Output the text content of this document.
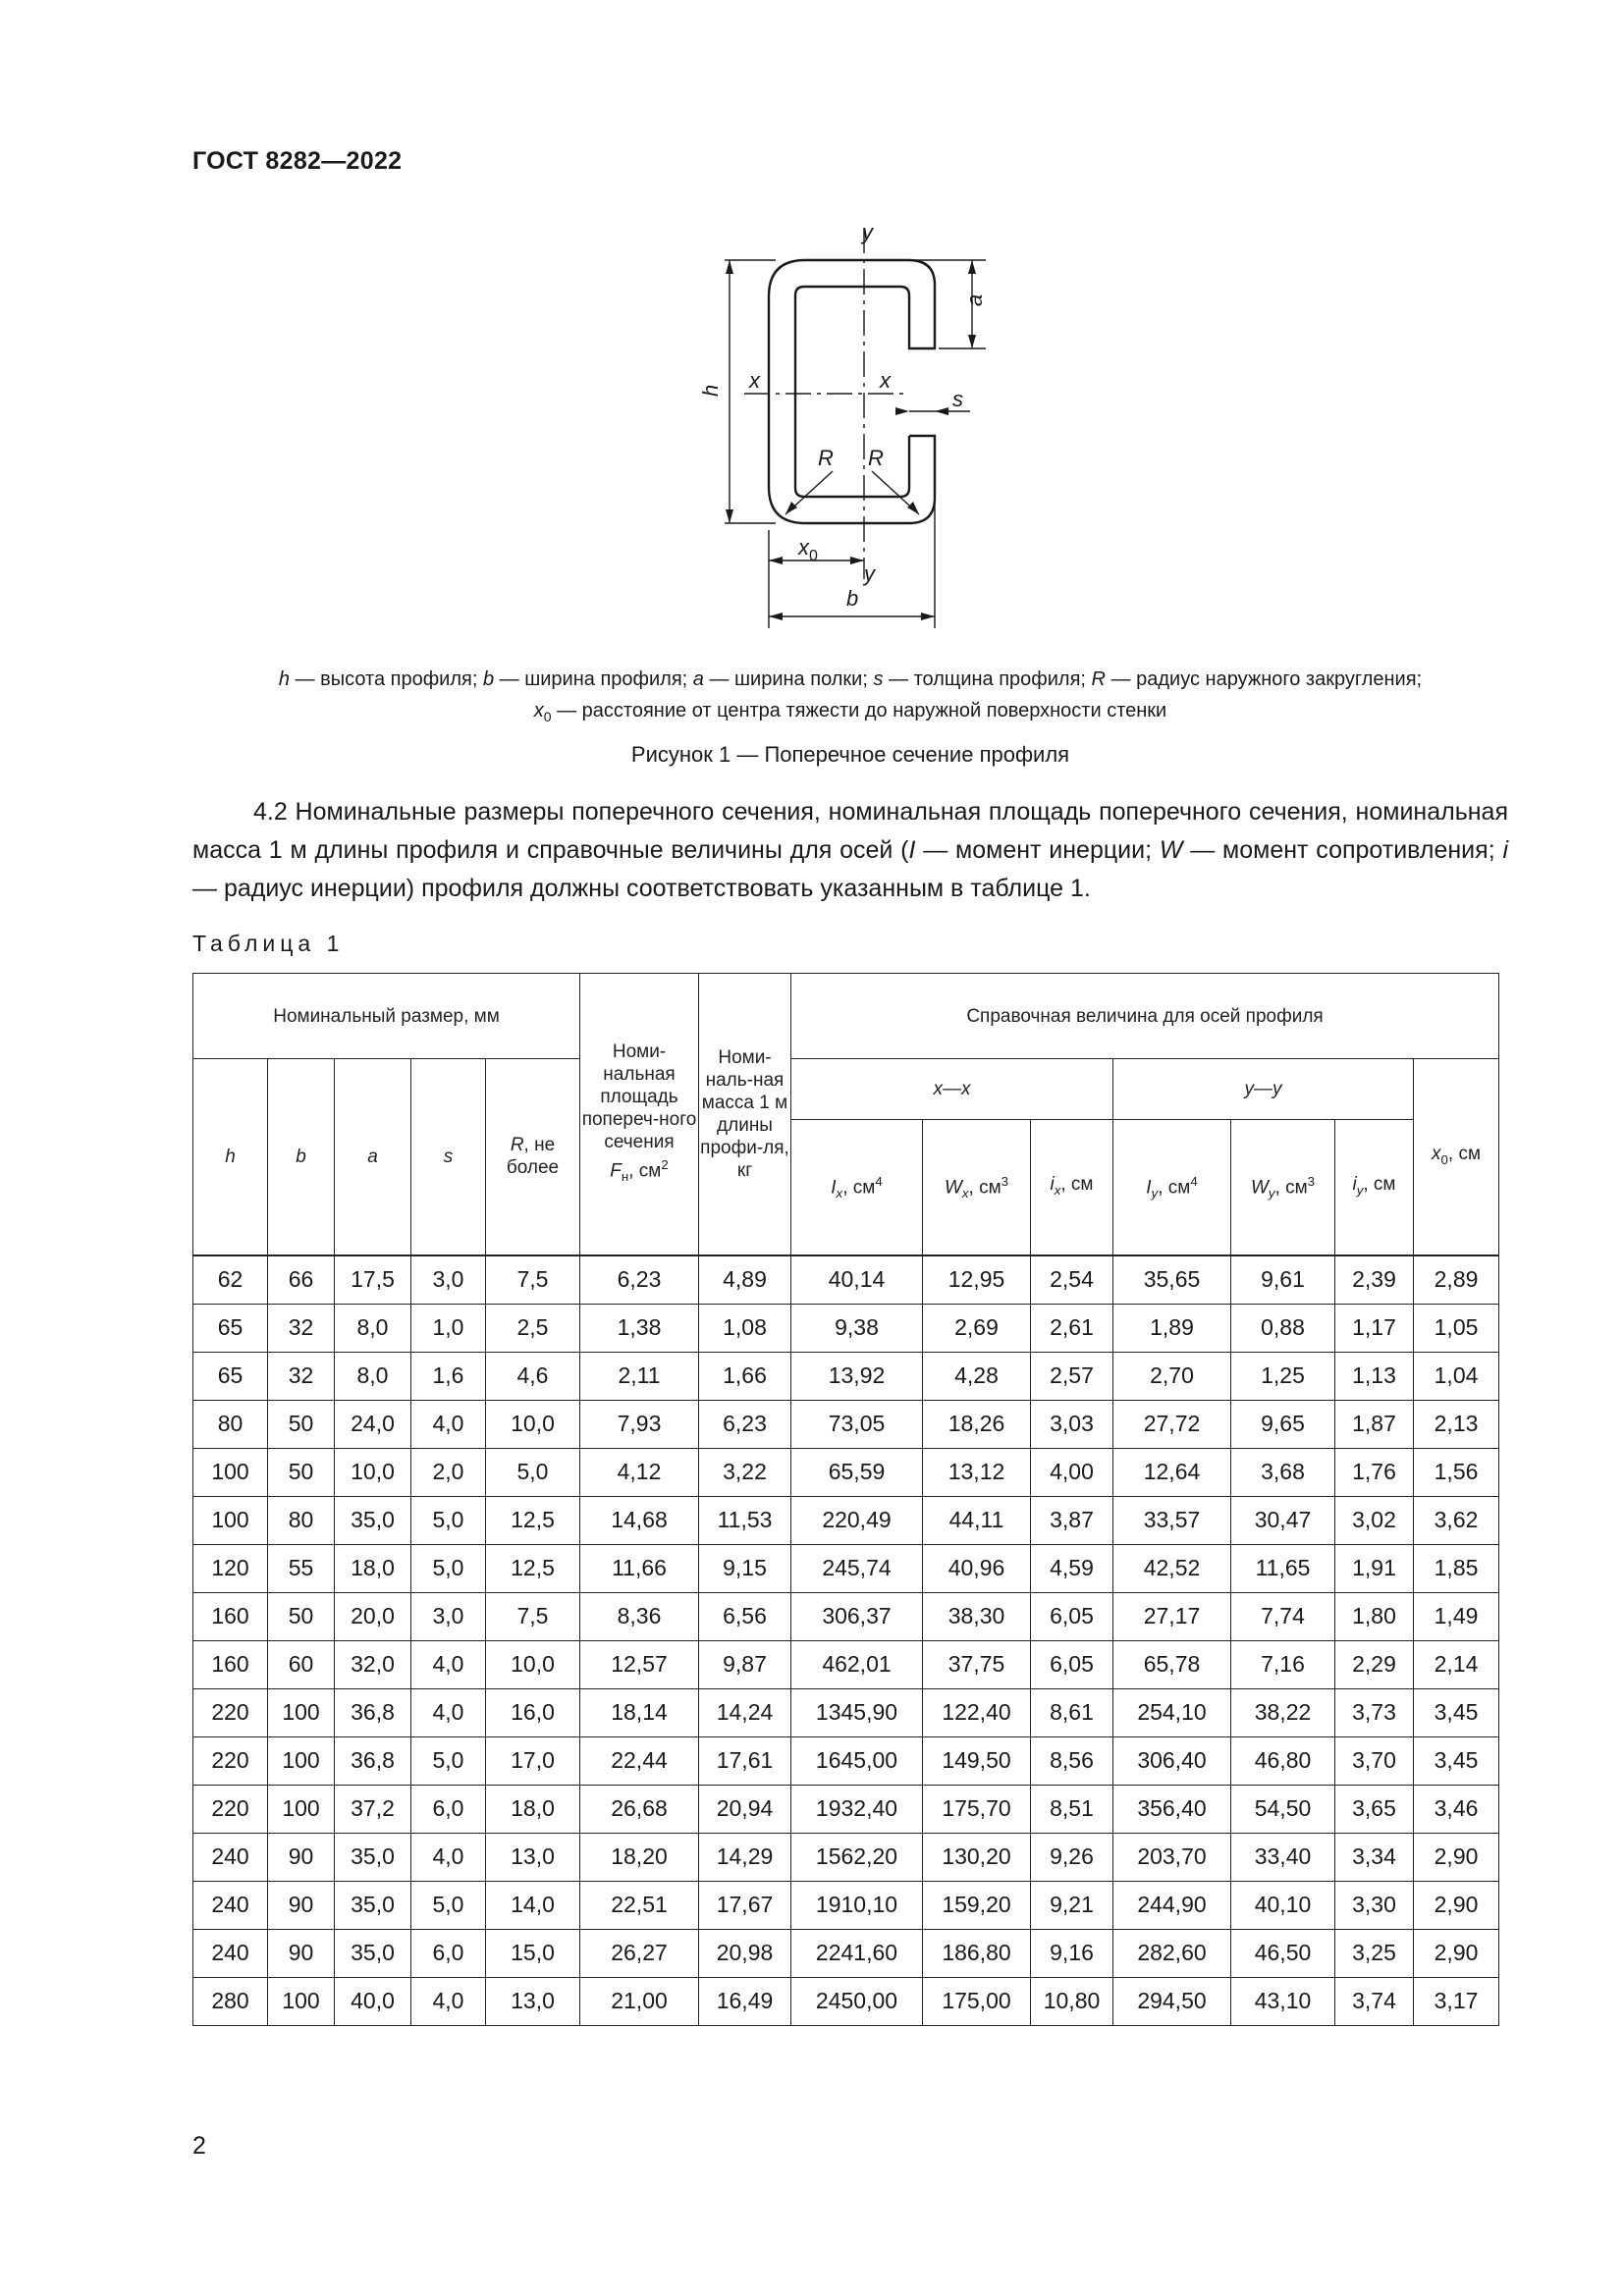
ГОСТ 8282—2022
y
x	x
h
a
s
R R
$x_0$
y
b
h — высота профиля; b — ширина профиля; a — ширина полки; s — толщина профиля; R — радиус наружного закругления;
$x_0$ — расстояние от центра тяжести до наружной поверхности стенки
Рисунок 1 — Поперечное сечение профиля
4.2 Номинальные размеры поперечного сечения, номинальная площадь поперечного сечения, номинальная масса 1 м длины профиля и справочные величины для осей (I — момент инерции; W — момент сопротивления; i — радиус инерции) профиля должны соответствовать указанным в таблице 1.
Таблица 1
Номинальный размер, мм					Номи-нальная площадь попереч-ного сечения
$F_н$, $см^2$	Номи-наль-ная масса 1 м длины профи-ля, кг	Справочная величина для осей профиля						
h	b	a	s	R, не более			x—x			y—y			$x_0$, см
							$I_x$, $см^4$	$W_x$, $см^3$	$i_x$, см	$I_y$, $см^4$	$W_y$, $см^3$	$i_y$, см	
62	66	17,5	3,0	7,5	6,23	4,89	40,14	12,95	2,54	35,65	9,61	2,39	2,89
65	32	8,0	1,0	2,5	1,38	1,08	9,38	2,69	2,61	1,89	0,88	1,17	1,05
65	32	8,0	1,6	4,6	2,11	1,66	13,92	4,28	2,57	2,70	1,25	1,13	1,04
80	50	24,0	4,0	10,0	7,93	6,23	73,05	18,26	3,03	27,72	9,65	1,87	2,13
100	50	10,0	2,0	5,0	4,12	3,22	65,59	13,12	4,00	12,64	3,68	1,76	1,56
100	80	35,0	5,0	12,5	14,68	11,53	220,49	44,11	3,87	33,57	30,47	3,02	3,62
120	55	18,0	5,0	12,5	11,66	9,15	245,74	40,96	4,59	42,52	11,65	1,91	1,85
160	50	20,0	3,0	7,5	8,36	6,56	306,37	38,30	6,05	27,17	7,74	1,80	1,49
160	60	32,0	4,0	10,0	12,57	9,87	462,01	37,75	6,05	65,78	7,16	2,29	2,14
220	100	36,8	4,0	16,0	18,14	14,24	1345,90	122,40	8,61	254,10	38,22	3,73	3,45
220	100	36,8	5,0	17,0	22,44	17,61	1645,00	149,50	8,56	306,40	46,80	3,70	3,45
220	100	37,2	6,0	18,0	26,68	20,94	1932,40	175,70	8,51	356,40	54,50	3,65	3,46
240	90	35,0	4,0	13,0	18,20	14,29	1562,20	130,20	9,26	203,70	33,40	3,34	2,90
240	90	35,0	5,0	14,0	22,51	17,67	1910,10	159,20	9,21	244,90	40,10	3,30	2,90
240	90	35,0	6,0	15,0	26,27	20,98	2241,60	186,80	9,16	282,60	46,50	3,25	2,90
280	100	40,0	4,0	13,0	21,00	16,49	2450,00	175,00	10,80	294,50	43,10	3,74	3,17
2
